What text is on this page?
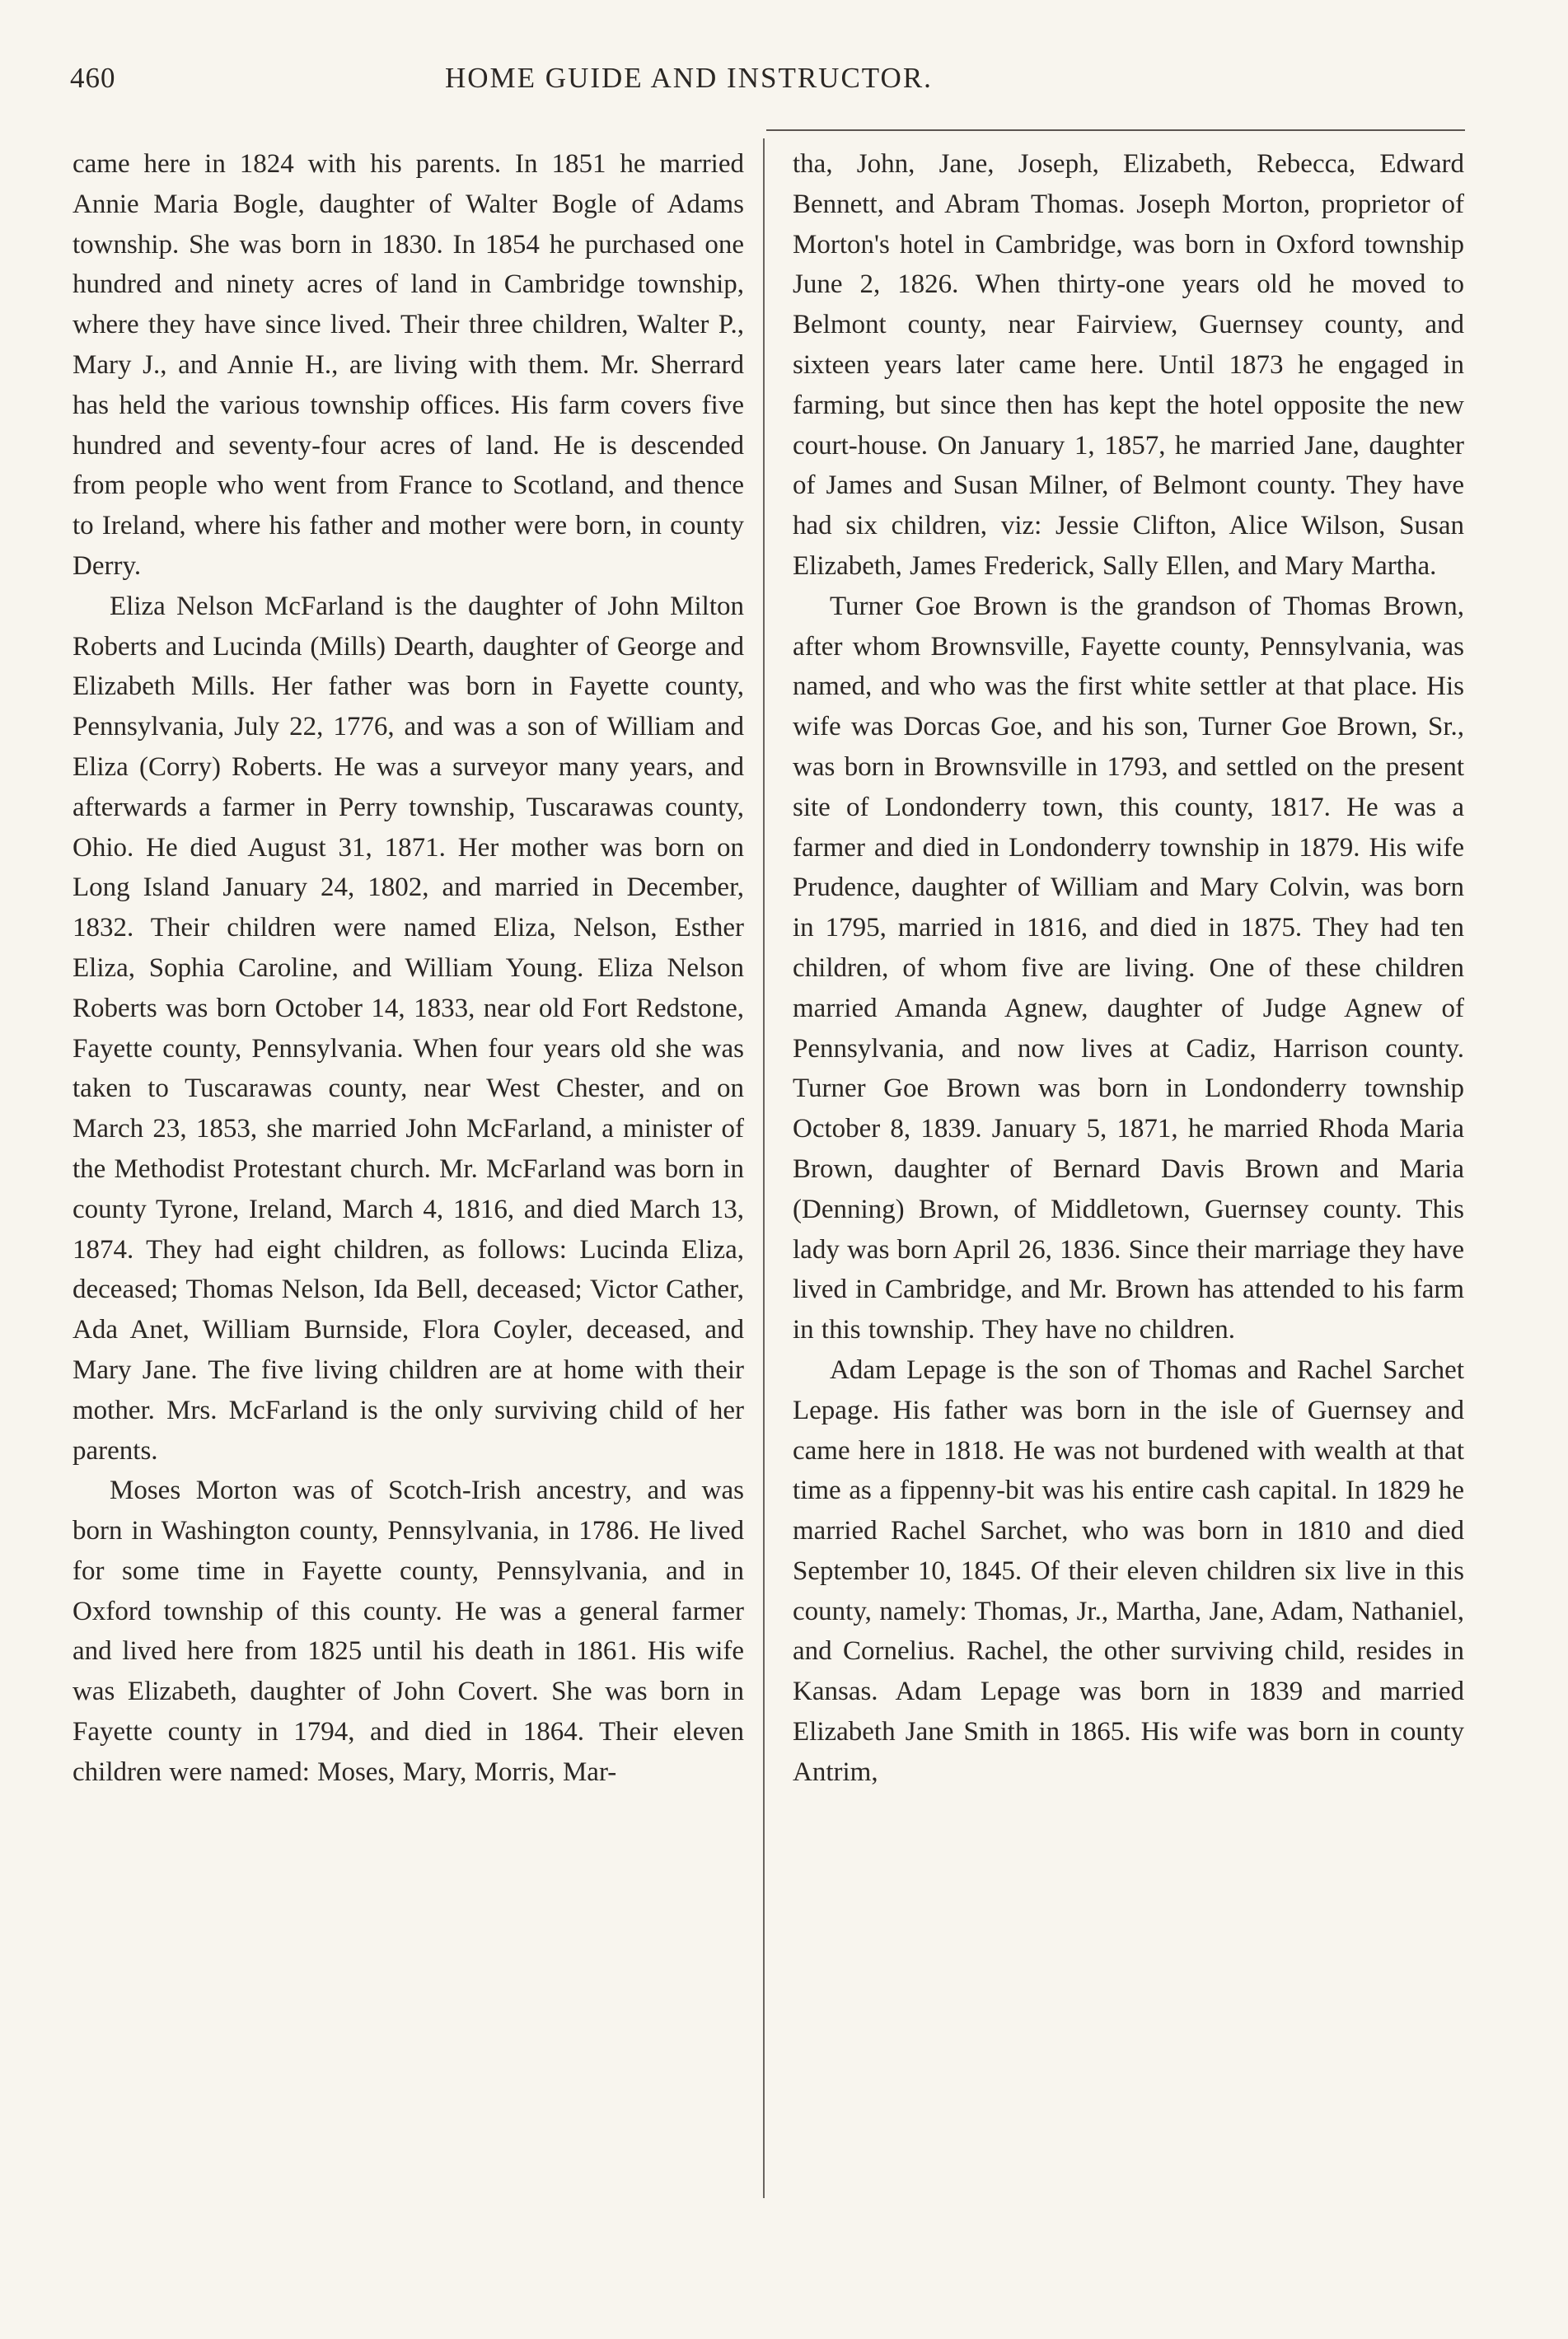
460	HOME GUIDE AND INSTRUCTOR.

came here in 1824 with his parents. In 1851 he married Annie Maria Bogle, daughter of Walter Bogle of Adams township. She was born in 1830. In 1854 he purchased one hundred and ninety acres of land in Cambridge township, where they have since lived. Their three children, Walter P., Mary J., and Annie H., are living with them. Mr. Sherrard has held the various township offices. His farm covers five hundred and seventy-four acres of land. He is descended from people who went from France to Scotland, and thence to Ireland, where his father and mother were born, in county Derry.

Eliza Nelson McFarland is the daughter of John Milton Roberts and Lucinda (Mills) Dearth, daughter of George and Elizabeth Mills. Her father was born in Fayette county, Pennsylvania, July 22, 1776, and was a son of William and Eliza (Corry) Roberts. He was a surveyor many years, and afterwards a farmer in Perry township, Tuscarawas county, Ohio. He died August 31, 1871. Her mother was born on Long Island January 24, 1802, and married in December, 1832. Their children were named Eliza, Nelson, Esther Eliza, Sophia Caroline, and William Young. Eliza Nelson Roberts was born October 14, 1833, near old Fort Redstone, Fayette county, Pennsylvania. When four years old she was taken to Tuscarawas county, near West Chester, and on March 23, 1853, she married John McFarland, a minister of the Methodist Protestant church. Mr. McFarland was born in county Tyrone, Ireland, March 4, 1816, and died March 13, 1874. They had eight children, as follows: Lucinda Eliza, deceased; Thomas Nelson, Ida Bell, deceased; Victor Cather, Ada Anet, William Burnside, Flora Coyler, deceased, and Mary Jane. The five living children are at home with their mother. Mrs. McFarland is the only surviving child of her parents.

Moses Morton was of Scotch-Irish ancestry, and was born in Washington county, Pennsylvania, in 1786. He lived for some time in Fayette county, Pennsylvania, and in Oxford township of this county. He was a general farmer and lived here from 1825 until his death in 1861. His wife was Elizabeth, daughter of John Covert. She was born in Fayette county in 1794, and died in 1864. Their eleven children were named: Moses, Mary, Morris, Mar-

tha, John, Jane, Joseph, Elizabeth, Rebecca, Edward Bennett, and Abram Thomas. Joseph Morton, proprietor of Morton's hotel in Cambridge, was born in Oxford township June 2, 1826. When thirty-one years old he moved to Belmont county, near Fairview, Guernsey county, and sixteen years later came here. Until 1873 he engaged in farming, but since then has kept the hotel opposite the new court-house. On January 1, 1857, he married Jane, daughter of James and Susan Milner, of Belmont county. They have had six children, viz: Jessie Clifton, Alice Wilson, Susan Elizabeth, James Frederick, Sally Ellen, and Mary Martha.

Turner Goe Brown is the grandson of Thomas Brown, after whom Brownsville, Fayette county, Pennsylvania, was named, and who was the first white settler at that place. His wife was Dorcas Goe, and his son, Turner Goe Brown, Sr., was born in Brownsville in 1793, and settled on the present site of Londonderry town, this county, 1817. He was a farmer and died in Londonderry township in 1879. His wife Prudence, daughter of William and Mary Colvin, was born in 1795, married in 1816, and died in 1875. They had ten children, of whom five are living. One of these children married Amanda Agnew, daughter of Judge Agnew of Pennsylvania, and now lives at Cadiz, Harrison county. Turner Goe Brown was born in Londonderry township October 8, 1839. January 5, 1871, he married Rhoda Maria Brown, daughter of Bernard Davis Brown and Maria (Denning) Brown, of Middletown, Guernsey county. This lady was born April 26, 1836. Since their marriage they have lived in Cambridge, and Mr. Brown has attended to his farm in this township. They have no children.

Adam Lepage is the son of Thomas and Rachel Sarchet Lepage. His father was born in the isle of Guernsey and came here in 1818. He was not burdened with wealth at that time as a fippenny-bit was his entire cash capital. In 1829 he married Rachel Sarchet, who was born in 1810 and died September 10, 1845. Of their eleven children six live in this county, namely: Thomas, Jr., Martha, Jane, Adam, Nathaniel, and Cornelius. Rachel, the other surviving child, resides in Kansas. Adam Lepage was born in 1839 and married Elizabeth Jane Smith in 1865. His wife was born in county Antrim,
